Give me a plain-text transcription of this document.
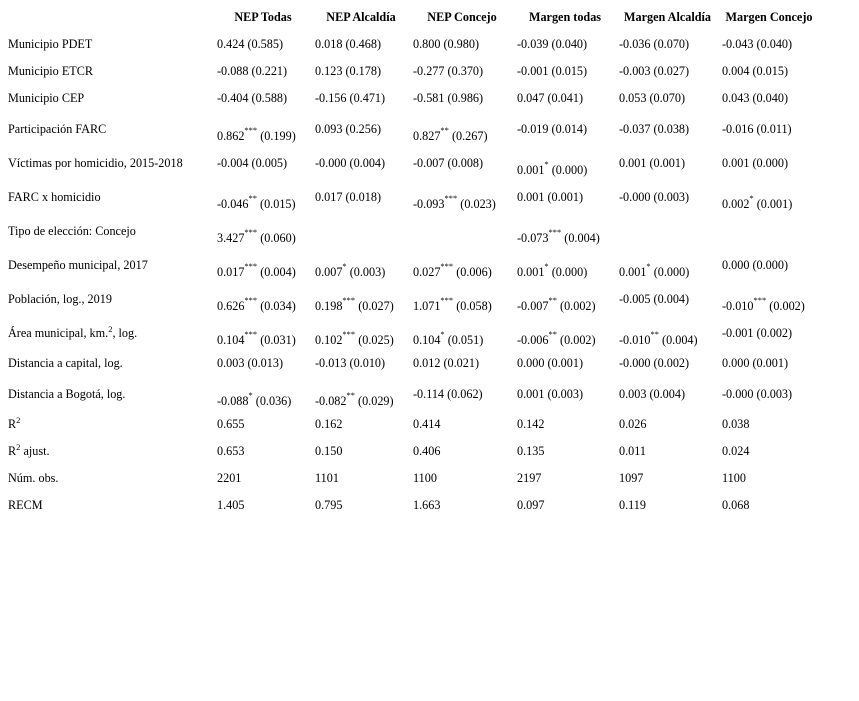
	NEP Todas	NEP Alcaldía	NEP Concejo	Margen todas	Margen Alcaldía	Margen Concejo
Municipio PDET	0.424 (0.585)	0.018 (0.468)	0.800 (0.980)	-0.039 (0.040)	-0.036 (0.070)	-0.043 (0.040)
Municipio ETCR	-0.088 (0.221)	0.123 (0.178)	-0.277 (0.370)	-0.001 (0.015)	-0.003 (0.027)	0.004 (0.015)
Municipio CEP	-0.404 (0.588)	-0.156 (0.471)	-0.581 (0.986)	0.047 (0.041)	0.053 (0.070)	0.043 (0.040)
Participación FARC	0.862*** (0.199)	0.093 (0.256)	0.827** (0.267)	-0.019 (0.014)	-0.037 (0.038)	-0.016 (0.011)
Víctimas por homicidio, 2015-2018	-0.004 (0.005)	-0.000 (0.004)	-0.007 (0.008)	0.001* (0.000)	0.001 (0.001)	0.001 (0.000)
FARC x homicidio	-0.046** (0.015)	0.017 (0.018)	-0.093*** (0.023)	0.001 (0.001)	-0.000 (0.003)	0.002* (0.001)
Tipo de elección: Concejo	3.427*** (0.060)			-0.073*** (0.004)		
Desempeño municipal, 2017	0.017*** (0.004)	0.007* (0.003)	0.027*** (0.006)	0.001* (0.000)	0.001* (0.000)	0.000 (0.000)
Población, log., 2019	0.626*** (0.034)	0.198*** (0.027)	1.071*** (0.058)	-0.007** (0.002)	-0.005 (0.004)	-0.010*** (0.002)
Área municipal, km.$^2$, log.	0.104*** (0.031)	0.102*** (0.025)	0.104* (0.051)	-0.006** (0.002)	-0.010** (0.004)	-0.001 (0.002)
Distancia a capital, log.	0.003 (0.013)	-0.013 (0.010)	0.012 (0.021)	0.000 (0.001)	-0.000 (0.002)	0.000 (0.001)
Distancia a Bogotá, log.	-0.088* (0.036)	-0.082** (0.029)	-0.114 (0.062)	0.001 (0.003)	0.003 (0.004)	-0.000 (0.003)
$R^2$	0.655	0.162	0.414	0.142	0.026	0.038
$R^2$ ajust.	0.653	0.150	0.406	0.135	0.011	0.024
Núm. obs.	2201	1101	1100	2197	1097	1100
RECM	1.405	0.795	1.663	0.097	0.119	0.068
